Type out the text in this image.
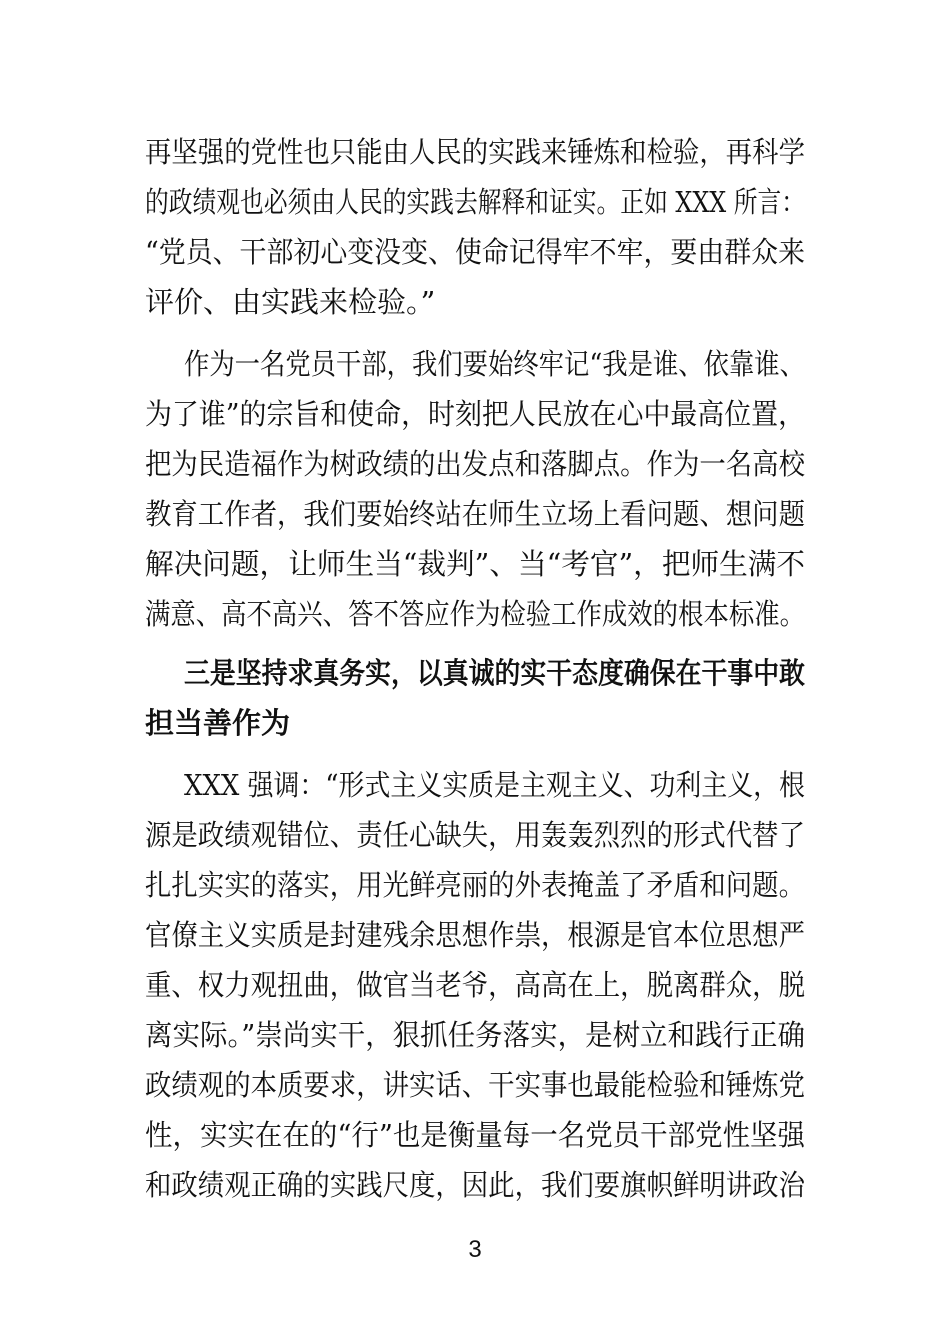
再坚强的党性也只能由人民的实践来锤炼和检验，再科学
的政绩观也必须由人民的实践去解释和证实。正如 XXX 所言：
“党员、干部初心变没变、使命记得牢不牢，要由群众来
评价、由实践来检验。”
作为一名党员干部，我们要始终牢记“我是谁、依靠谁、
为了谁”的宗旨和使命，时刻把人民放在心中最高位置，
把为民造福作为树政绩的出发点和落脚点。作为一名高校
教育工作者，我们要始终站在师生立场上看问题、想问题
解决问题，让师生当“裁判”、当“考官”，把师生满不
满意、高不高兴、答不答应作为检验工作成效的根本标准。
三是坚持求真务实，以真诚的实干态度确保在干事中敢
担当善作为
XXX 强调：“形式主义实质是主观主义、功利主义，根
源是政绩观错位、责任心缺失，用轰轰烈烈的形式代替了
扎扎实实的落实，用光鲜亮丽的外表掩盖了矛盾和问题。
官僚主义实质是封建残余思想作祟，根源是官本位思想严
重、权力观扭曲，做官当老爷，高高在上，脱离群众，脱
离实际。”崇尚实干，狠抓任务落实，是树立和践行正确
政绩观的本质要求，讲实话、干实事也最能检验和锤炼党
性，实实在在的“行”也是衡量每一名党员干部党性坚强
和政绩观正确的实践尺度，因此，我们要旗帜鲜明讲政治
3
